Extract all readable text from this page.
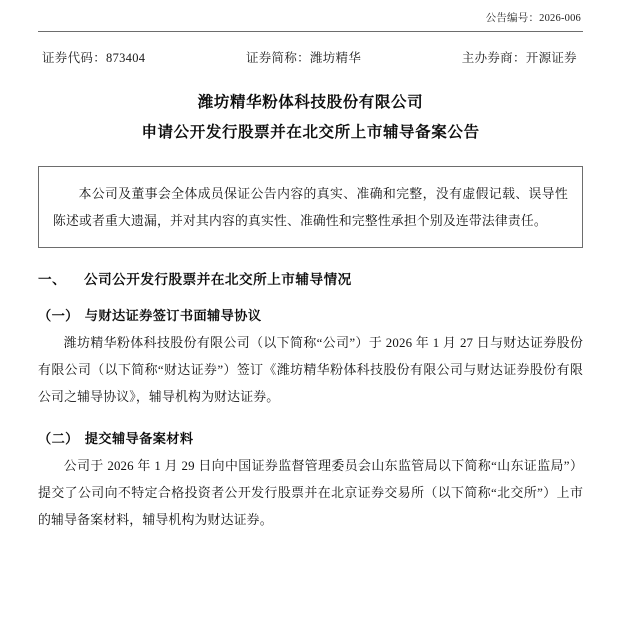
公告编号：2026-006
证券代码：873404	证券简称：潍坊精华	主办券商：开源证券
潍坊精华粉体科技股份有限公司
申请公开发行股票并在北交所上市辅导备案公告
本公司及董事会全体成员保证公告内容的真实、准确和完整，没有虚假记载、误导性陈述或者重大遗漏，并对其内容的真实性、准确性和完整性承担个别及连带法律责任。
一、 公司公开发行股票并在北交所上市辅导情况
（一） 与财达证券签订书面辅导协议
潍坊精华粉体科技股份有限公司（以下简称“公司”）于 2026 年 1 月 27 日与财达证券股份有限公司（以下简称“财达证券”）签订《潍坊精华粉体科技股份有限公司与财达证券股份有限公司之辅导协议》，辅导机构为财达证券。
（二） 提交辅导备案材料
公司于 2026 年 1 月 29 日向中国证券监督管理委员会山东监管局以下简称“山东证监局”）提交了公司向不特定合格投资者公开发行股票并在北京证券交易所（以下简称“北交所”）上市的辅导备案材料，辅导机构为财达证券。
